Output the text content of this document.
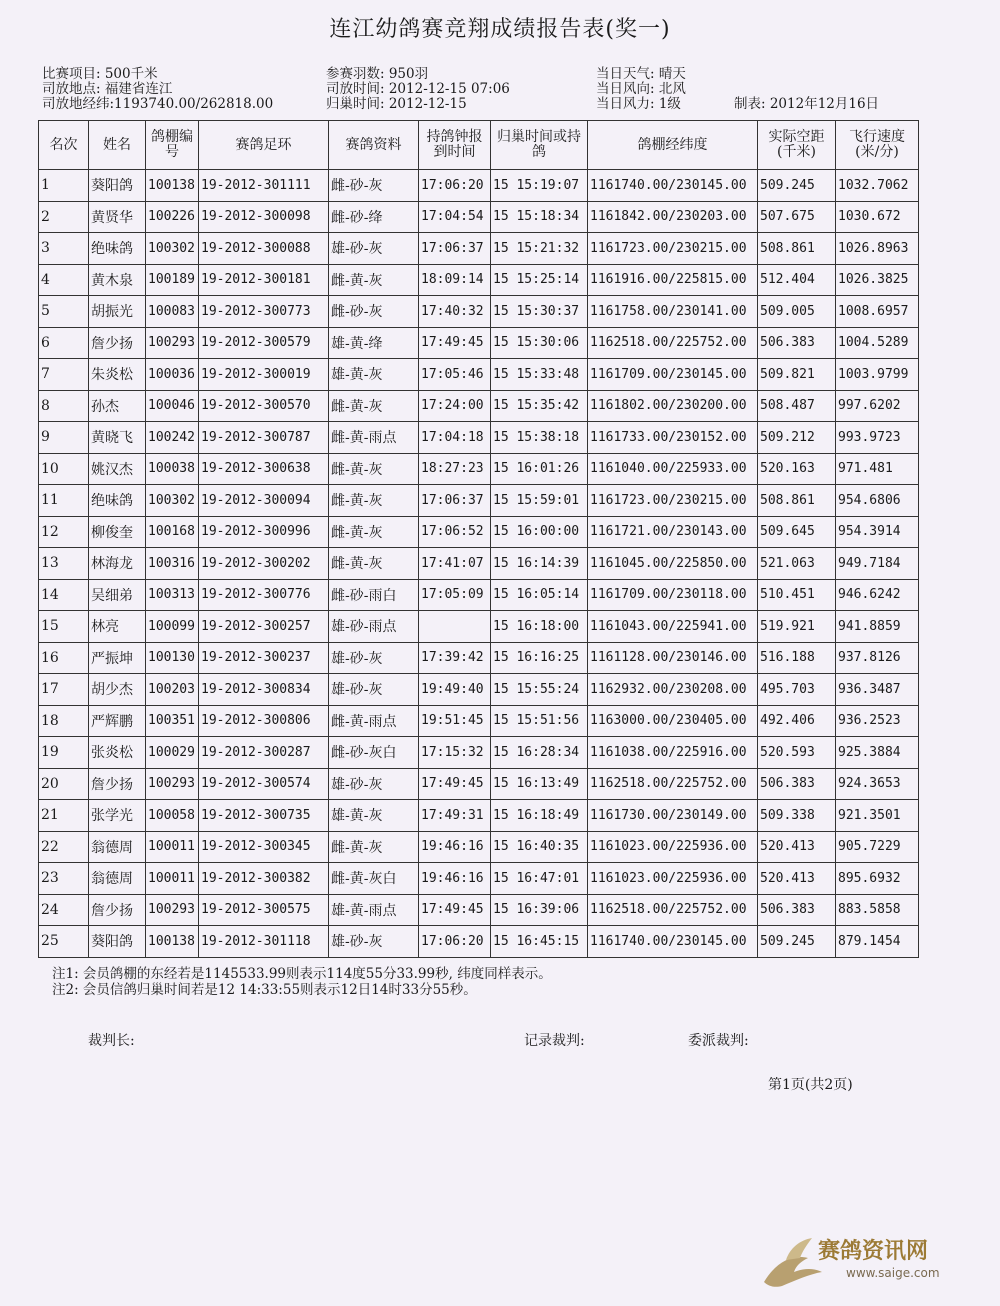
连江幼鸽赛竞翔成绩报告表(奖一)
比赛项目: 500千米	参赛羽数: 950羽	当日天气: 晴天
司放地点: 福建省连江	司放时间: 2012-12-15 07:06	当日风向: 北风
司放地经纬:1193740.00/262818.00	归巢时间: 2012-12-15	当日风力: 1级	制表: 2012年12月16日
名次	姓名	鸽棚编号	赛鸽足环	赛鸽资料	持鸽钟报到时间	归巢时间或持鸽	鸽棚经纬度	实际空距(千米)	飞行速度(米/分)
1	葵阳鸽	100138	19-2012-301111	雌-砂-灰	17:06:20	15 15:19:07	1161740.00/230145.00	509.245	1032.7062
2	黄贤华	100226	19-2012-300098	雌-砂-绛	17:04:54	15 15:18:34	1161842.00/230203.00	507.675	1030.672
3	绝味鸽	100302	19-2012-300088	雄-砂-灰	17:06:37	15 15:21:32	1161723.00/230215.00	508.861	1026.8963
4	黄木泉	100189	19-2012-300181	雌-黄-灰	18:09:14	15 15:25:14	1161916.00/225815.00	512.404	1026.3825
5	胡振光	100083	19-2012-300773	雌-砂-灰	17:40:32	15 15:30:37	1161758.00/230141.00	509.005	1008.6957
6	詹少扬	100293	19-2012-300579	雄-黄-绛	17:49:45	15 15:30:06	1162518.00/225752.00	506.383	1004.5289
7	朱炎松	100036	19-2012-300019	雄-黄-灰	17:05:46	15 15:33:48	1161709.00/230145.00	509.821	1003.9799
8	孙杰	100046	19-2012-300570	雌-黄-灰	17:24:00	15 15:35:42	1161802.00/230200.00	508.487	997.6202
9	黄晓飞	100242	19-2012-300787	雌-黄-雨点	17:04:18	15 15:38:18	1161733.00/230152.00	509.212	993.9723
10	姚汉杰	100038	19-2012-300638	雌-黄-灰	18:27:23	15 16:01:26	1161040.00/225933.00	520.163	971.481
11	绝味鸽	100302	19-2012-300094	雌-黄-灰	17:06:37	15 15:59:01	1161723.00/230215.00	508.861	954.6806
12	柳俊奎	100168	19-2012-300996	雌-黄-灰	17:06:52	15 16:00:00	1161721.00/230143.00	509.645	954.3914
13	林海龙	100316	19-2012-300202	雌-黄-灰	17:41:07	15 16:14:39	1161045.00/225850.00	521.063	949.7184
14	吴细弟	100313	19-2012-300776	雌-砂-雨白	17:05:09	15 16:05:14	1161709.00/230118.00	510.451	946.6242
15	林亮	100099	19-2012-300257	雄-砂-雨点		15 16:18:00	1161043.00/225941.00	519.921	941.8859
16	严振坤	100130	19-2012-300237	雄-砂-灰	17:39:42	15 16:16:25	1161128.00/230146.00	516.188	937.8126
17	胡少杰	100203	19-2012-300834	雄-砂-灰	19:49:40	15 15:55:24	1162932.00/230208.00	495.703	936.3487
18	严辉鹏	100351	19-2012-300806	雌-黄-雨点	19:51:45	15 15:51:56	1163000.00/230405.00	492.406	936.2523
19	张炎松	100029	19-2012-300287	雌-砂-灰白	17:15:32	15 16:28:34	1161038.00/225916.00	520.593	925.3884
20	詹少扬	100293	19-2012-300574	雄-砂-灰	17:49:45	15 16:13:49	1162518.00/225752.00	506.383	924.3653
21	张学光	100058	19-2012-300735	雄-黄-灰	17:49:31	15 16:18:49	1161730.00/230149.00	509.338	921.3501
22	翁德周	100011	19-2012-300345	雌-黄-灰	19:46:16	15 16:40:35	1161023.00/225936.00	520.413	905.7229
23	翁德周	100011	19-2012-300382	雌-黄-灰白	19:46:16	15 16:47:01	1161023.00/225936.00	520.413	895.6932
24	詹少扬	100293	19-2012-300575	雄-黄-雨点	17:49:45	15 16:39:06	1162518.00/225752.00	506.383	883.5858
25	葵阳鸽	100138	19-2012-301118	雄-砂-灰	17:06:20	15 16:45:15	1161740.00/230145.00	509.245	879.1454
注1: 会员鸽棚的东经若是1145533.99则表示114度55分33.99秒, 纬度同样表示。
注2: 会员信鸽归巢时间若是12 14:33:55则表示12日14时33分55秒。
裁判长:	记录裁判:	委派裁判:
第1页(共2页)
赛鸽资讯网
www.saige.com
